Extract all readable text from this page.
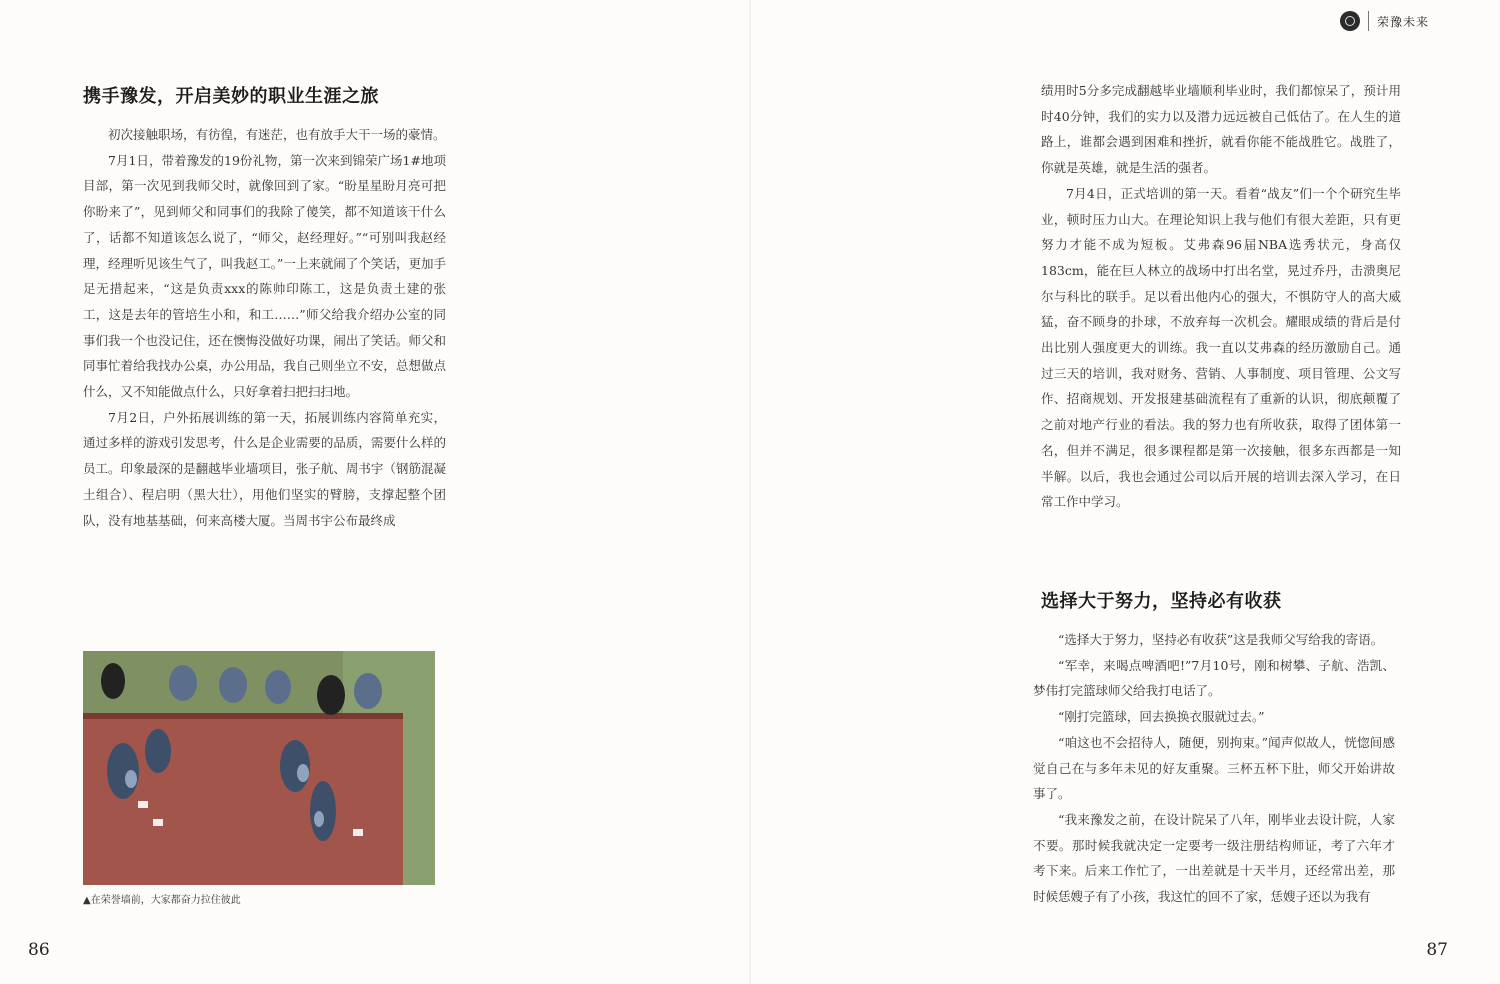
携手豫发，开启美妙的职业生涯之旅

初次接触职场，有彷徨，有迷茫，也有放手大干一场的豪情。

7月1日，带着豫发的19份礼物，第一次来到锦荣广场1#地项目部，第一次见到我师父时，就像回到了家。“盼星星盼月亮可把你盼来了”，见到师父和同事们的我除了傻笑，都不知道该干什么了，话都不知道该怎么说了，“师父，赵经理好。”“可别叫我赵经理，经理听见该生气了，叫我赵工。”一上来就闹了个笑话，更加手足无措起来，“这是负责xxx的陈帅印陈工，这是负责土建的张工，这是去年的管培生小和，和工……”师父给我介绍办公室的同事们我一个也没记住，还在懊悔没做好功课，闹出了笑话。师父和同事忙着给我找办公桌，办公用品，我自己则坐立不安，总想做点什么，又不知能做点什么，只好拿着扫把扫扫地。

7月2日，户外拓展训练的第一天，拓展训练内容简单充实，通过多样的游戏引发思考，什么是企业需要的品质，需要什么样的员工。印象最深的是翻越毕业墙项目，张子航、周书宇（钢筋混凝土组合）、程启明（黑大壮），用他们坚实的臂膀，支撑起整个团队，没有地基基础，何来高楼大厦。当周书宇公布最终成

▲在荣誉墙前，大家都奋力拉住彼此
86
荣豫未来

绩用时5分多完成翻越毕业墙顺利毕业时，我们都惊呆了，预计用时40分钟，我们的实力以及潜力远远被自己低估了。在人生的道路上，谁都会遇到困难和挫折，就看你能不能战胜它。战胜了，你就是英雄，就是生活的强者。

7月4日，正式培训的第一天。看着“战友”们一个个研究生毕业，顿时压力山大。在理论知识上我与他们有很大差距，只有更努力才能不成为短板。艾弗森96届NBA选秀状元，身高仅183cm，能在巨人林立的战场中打出名堂，晃过乔丹，击溃奥尼尔与科比的联手。足以看出他内心的强大，不惧防守人的高大威猛，奋不顾身的扑球，不放弃每一次机会。耀眼成绩的背后是付出比别人强度更大的训练。我一直以艾弗森的经历激励自己。通过三天的培训，我对财务、营销、人事制度、项目管理、公文写作、招商规划、开发报建基础流程有了重新的认识，彻底颠覆了之前对地产行业的看法。我的努力也有所收获，取得了团体第一名，但并不满足，很多课程都是第一次接触，很多东西都是一知半解。以后，我也会通过公司以后开展的培训去深入学习，在日常工作中学习。

选择大于努力，坚持必有收获

“选择大于努力，坚持必有收获”这是我师父写给我的寄语。

“军幸，来喝点啤酒吧!”7月10号，刚和树攀、子航、浩凯、梦伟打完篮球师父给我打电话了。

“刚打完篮球，回去换换衣服就过去。”

“咱这也不会招待人，随便，别拘束。”闻声似故人，恍惚间感觉自己在与多年未见的好友重聚。三杯五杯下肚，师父开始讲故事了。

“我来豫发之前，在设计院呆了八年，刚毕业去设计院，人家不要。那时候我就决定一定要考一级注册结构师证，考了六年才考下来。后来工作忙了，一出差就是十天半月，还经常出差，那时候恁嫂子有了小孩，我这忙的回不了家，恁嫂子还以为我有

87
